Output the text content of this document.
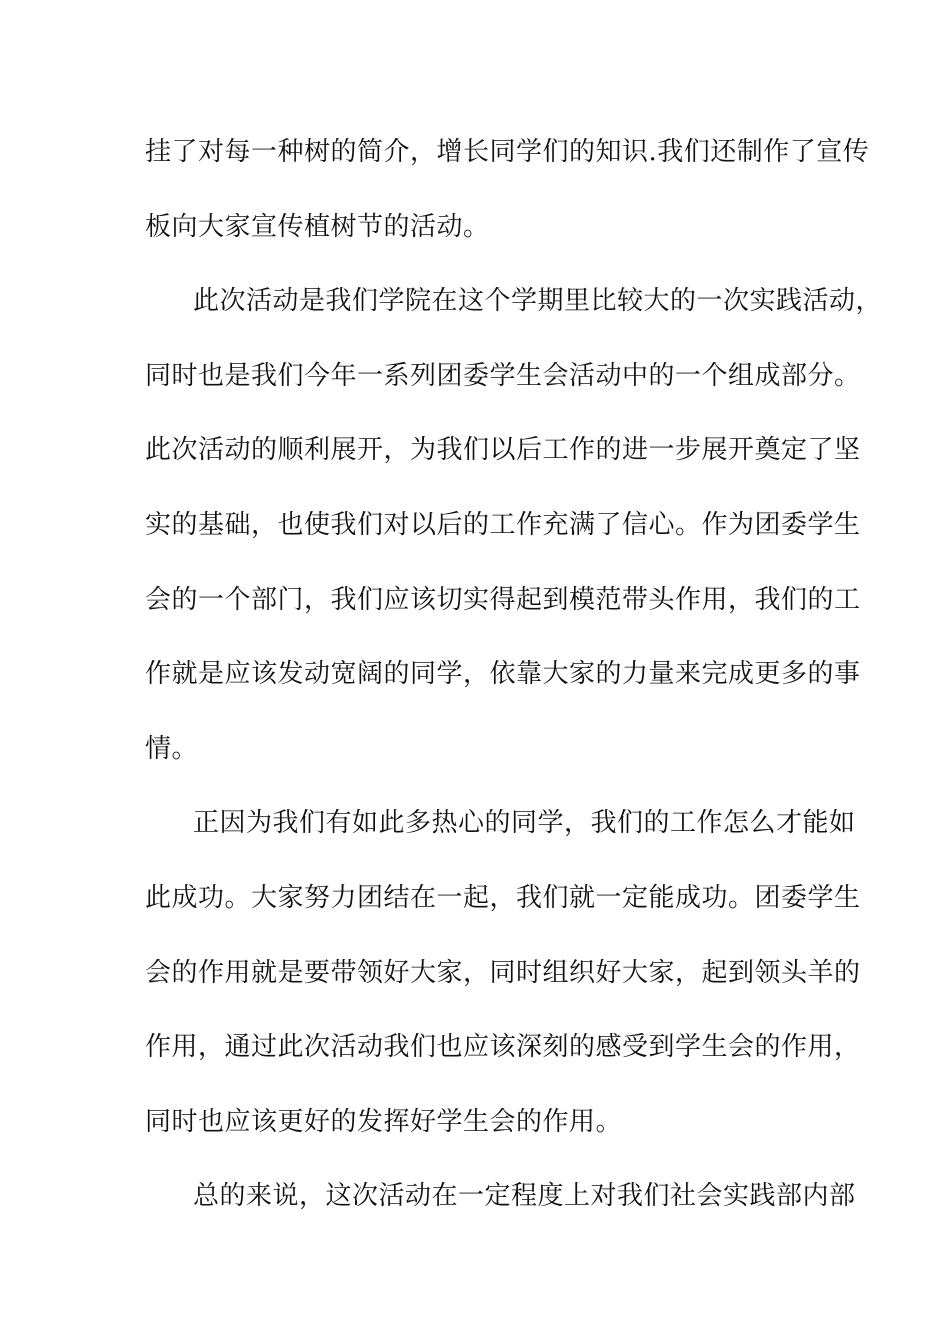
挂了对每一种树的简介，增长同学们的知识.我们还制作了宣传
板向大家宣传植树节的活动。
此次活动是我们学院在这个学期里比较大的一次实践活动，
同时也是我们今年一系列团委学生会活动中的一个组成部分。
此次活动的顺利展开，为我们以后工作的进一步展开奠定了坚
实的基础，也使我们对以后的工作充满了信心。作为团委学生
会的一个部门，我们应该切实得起到模范带头作用，我们的工
作就是应该发动宽阔的同学，依靠大家的力量来完成更多的事
情。
正因为我们有如此多热心的同学，我们的工作怎么才能如
此成功。大家努力团结在一起，我们就一定能成功。团委学生
会的作用就是要带领好大家，同时组织好大家，起到领头羊的
作用，通过此次活动我们也应该深刻的感受到学生会的作用，
同时也应该更好的发挥好学生会的作用。
总的来说，这次活动在一定程度上对我们社会实践部内部
